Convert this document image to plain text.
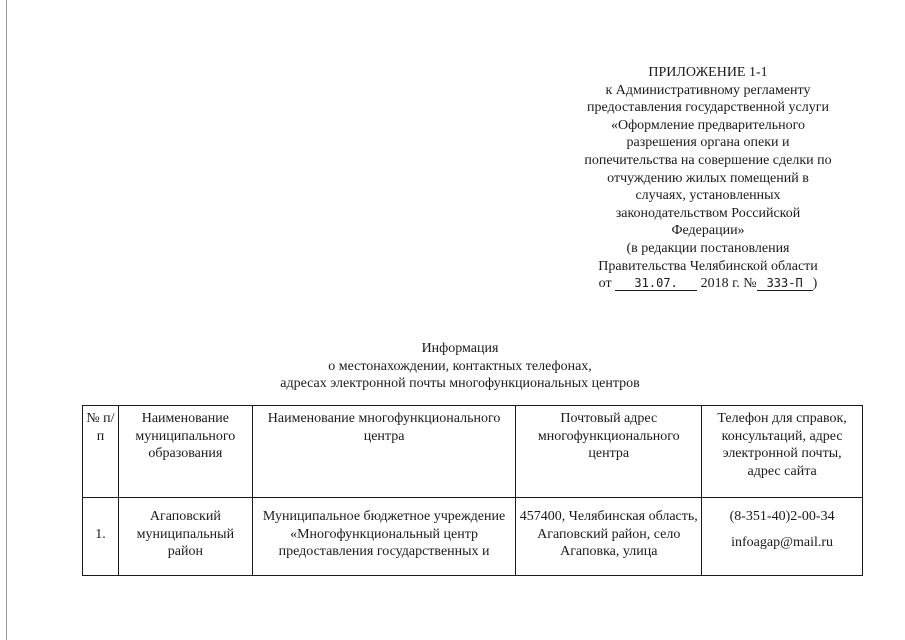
ПРИЛОЖЕНИЕ 1-1
к Административному регламенту
предоставления государственной услуги
«Оформление предварительного
разрешения органа опеки и
попечительства на совершение сделки по
отчуждению жилых помещений в
случаях, установленных
законодательством Российской
Федерации»
(в редакции постановления
Правительства Челябинской области
от 31.07. 2018 г. № 333-П )
Информация
о местонахождении, контактных телефонах,
адресах электронной почты многофункциональных центров
№ п/п	Наименование муниципального образования	Наименование многофункционального центра	Почтовый адрес многофункционального центра	Телефон для справок, консультаций, адрес электронной почты, адрес сайта
1.	Агаповский муниципальный район	Муниципальное бюджетное учреждение «Многофункциональный центр предоставления государственных и	457400, Челябинская область, Агаповский район, село Агаповка, улица	(8-351-40)2-00-34
infoagap@mail.ru
